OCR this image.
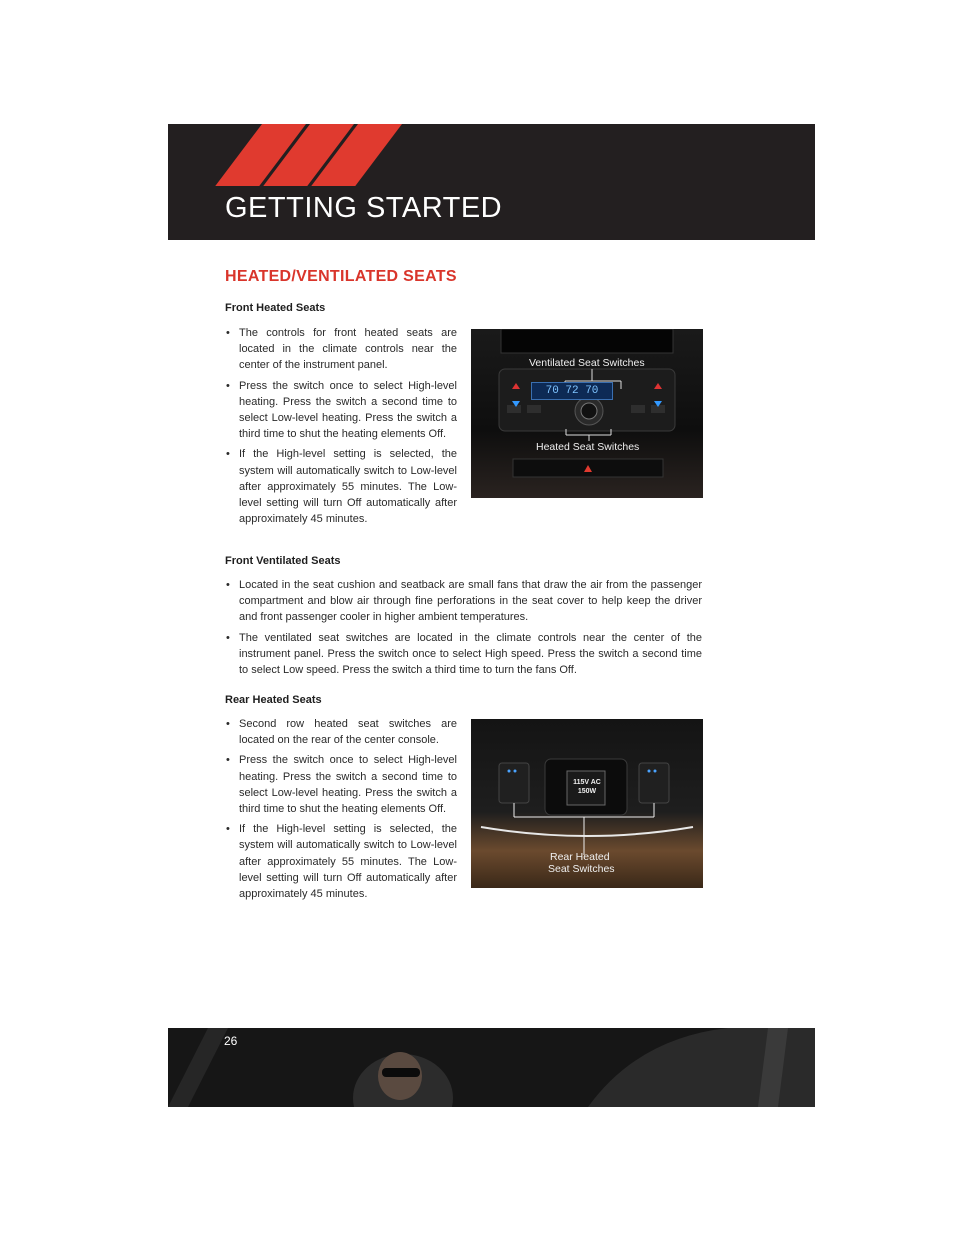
GETTING STARTED
HEATED/VENTILATED SEATS
Front Heated Seats
• The controls for front heated seats are located in the climate controls near the center of the instrument panel.
• Press the switch once to select High-level heating. Press the switch a second time to select Low-level heating. Press the switch a third time to shut the heating elements Off.
• If the High-level setting is selected, the system will automatically switch to Low-level after approximately 55 minutes. The Low-level setting will turn Off automatically after approximately 45 minutes.
Ventilated Seat Switches
70 72 70
Heated Seat Switches
Front Ventilated Seats
• Located in the seat cushion and seatback are small fans that draw the air from the passenger compartment and blow air through fine perforations in the seat cover to help keep the driver and front passenger cooler in higher ambient temperatures.
• The ventilated seat switches are located in the climate controls near the center of the instrument panel. Press the switch once to select High speed. Press the switch a second time to select Low speed. Press the switch a third time to turn the fans Off.
Rear Heated Seats
• Second row heated seat switches are located on the rear of the center console.
• Press the switch once to select High-level heating. Press the switch a second time to select Low-level heating. Press the switch a third time to shut the heating elements Off.
• If the High-level setting is selected, the system will automatically switch to Low-level after approximately 55 minutes. The Low-level setting will turn Off automatically after approximately 45 minutes.
115V AC
150W
Rear Heated
Seat Switches
26
